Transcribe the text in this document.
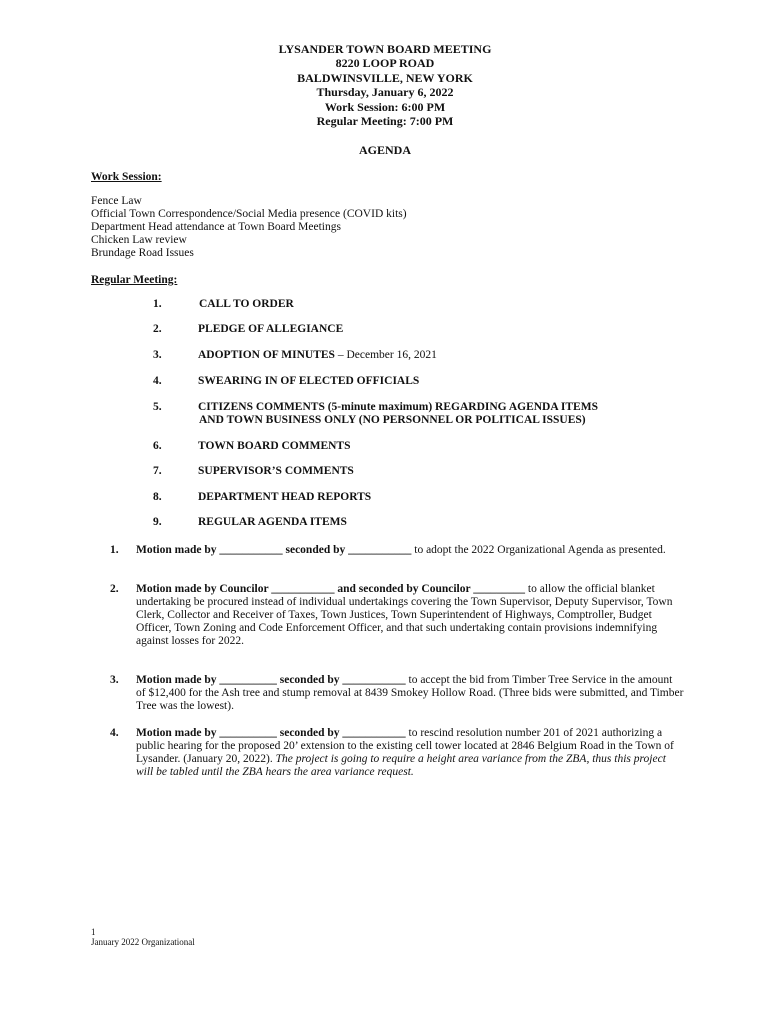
LYSANDER TOWN BOARD MEETING
8220 LOOP ROAD
BALDWINSVILLE, NEW YORK
Thursday, January 6, 2022
Work Session: 6:00 PM
Regular Meeting: 7:00 PM
AGENDA
Work Session:
Fence Law
Official Town Correspondence/Social Media presence (COVID kits)
Department Head attendance at Town Board Meetings
Chicken Law review
Brundage Road Issues
Regular Meeting:
1.	CALL TO ORDER
2.	PLEDGE OF ALLEGIANCE
3.	ADOPTION OF MINUTES – December 16, 2021
4.	SWEARING IN OF ELECTED OFFICIALS
5.	CITIZENS COMMENTS (5-minute maximum) REGARDING AGENDA ITEMS
AND TOWN BUSINESS ONLY (NO PERSONNEL OR POLITICAL ISSUES)
6.	TOWN BOARD COMMENTS
7.	SUPERVISOR’S COMMENTS
8.	DEPARTMENT HEAD REPORTS
9.	REGULAR AGENDA ITEMS
1. Motion made by ___________ seconded by ___________ to adopt the 2022 Organizational Agenda as presented.
2. Motion made by Councilor ___________ and seconded by Councilor _________ to allow the official blanket undertaking be procured instead of individual undertakings covering the Town Supervisor, Deputy Supervisor, Town Clerk, Collector and Receiver of Taxes, Town Justices, Town Superintendent of Highways, Comptroller, Budget Officer, Town Zoning and Code Enforcement Officer, and that such undertaking contain provisions indemnifying against losses for 2022.
3. Motion made by __________ seconded by ___________ to accept the bid from Timber Tree Service in the amount of $12,400 for the Ash tree and stump removal at 8439 Smokey Hollow Road. (Three bids were submitted, and Timber Tree was the lowest).
4. Motion made by __________ seconded by ___________ to rescind resolution number 201 of 2021 authorizing a public hearing for the proposed 20’ extension to the existing cell tower located at 2846 Belgium Road in the Town of Lysander. (January 20, 2022). The project is going to require a height area variance from the ZBA, thus this project will be tabled until the ZBA hears the area variance request.
1
January 2022 Organizational
